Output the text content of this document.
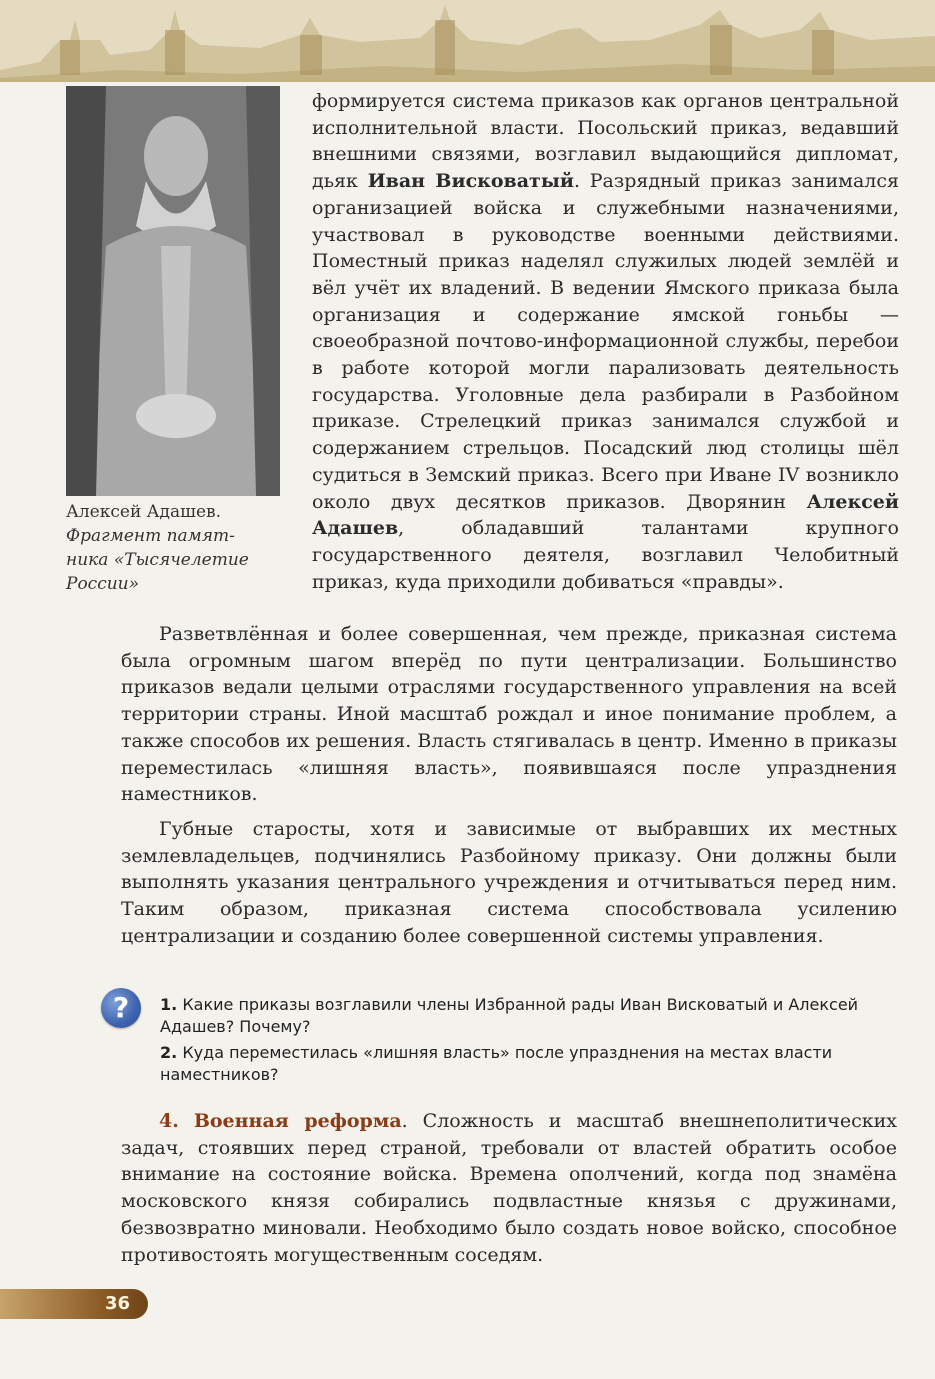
Алексей Адашев.
Фрагмент памят-
ника «Тысячелетие
России»
формируется система приказов как органов центральной исполнительной власти. Посольский приказ, ведавший внешними связями, возглавил выдающийся дипломат, дьяк Иван Висковатый. Разрядный приказ занимался организацией войска и служебными назначениями, участвовал в руководстве военными действиями. Поместный приказ наделял служилых людей землёй и вёл учёт их владений. В ведении Ямского приказа была организация и содержание ямской гоньбы — своеобразной почтово-информационной службы, перебои в работе которой могли парализовать деятельность государства. Уголовные дела разбирали в Разбойном приказе. Стрелецкий приказ занимался службой и содержанием стрельцов. Посадский люд столицы шёл судиться в Земский приказ. Всего при Иване IV возникло около двух десятков приказов. Дворянин Алексей Адашев, обладавший талантами крупного государственного деятеля, возглавил Челобитный приказ, куда приходили добиваться «правды».
Разветвлённая и более совершенная, чем прежде, приказная система была огромным шагом вперёд по пути централизации. Большинство приказов ведали целыми отраслями государственного управления на всей территории страны. Иной масштаб рождал и иное понимание проблем, а также способов их решения. Власть стягивалась в центр. Именно в приказы переместилась «лишняя власть», появившаяся после упразднения наместников.
Губные старосты, хотя и зависимые от выбравших их местных землевладельцев, подчинялись Разбойному приказу. Они должны были выполнять указания центрального учреждения и отчитываться перед ним. Таким образом, приказная система способствовала усилению централизации и созданию более совершенной системы управления.
?	1. Какие приказы возглавили члены Избранной рады Иван Висковатый и Алексей Адашев? Почему?
2. Куда переместилась «лишняя власть» после упразднения на местах власти наместников?
4. Военная реформа. Сложность и масштаб внешнеполитических задач, стоявших перед страной, требовали от властей обратить особое внимание на состояние войска. Времена ополчений, когда под знамёна московского князя собирались подвластные князья с дружинами, безвозвратно миновали. Необходимо было создать новое войско, способное противостоять могущественным соседям.
36
